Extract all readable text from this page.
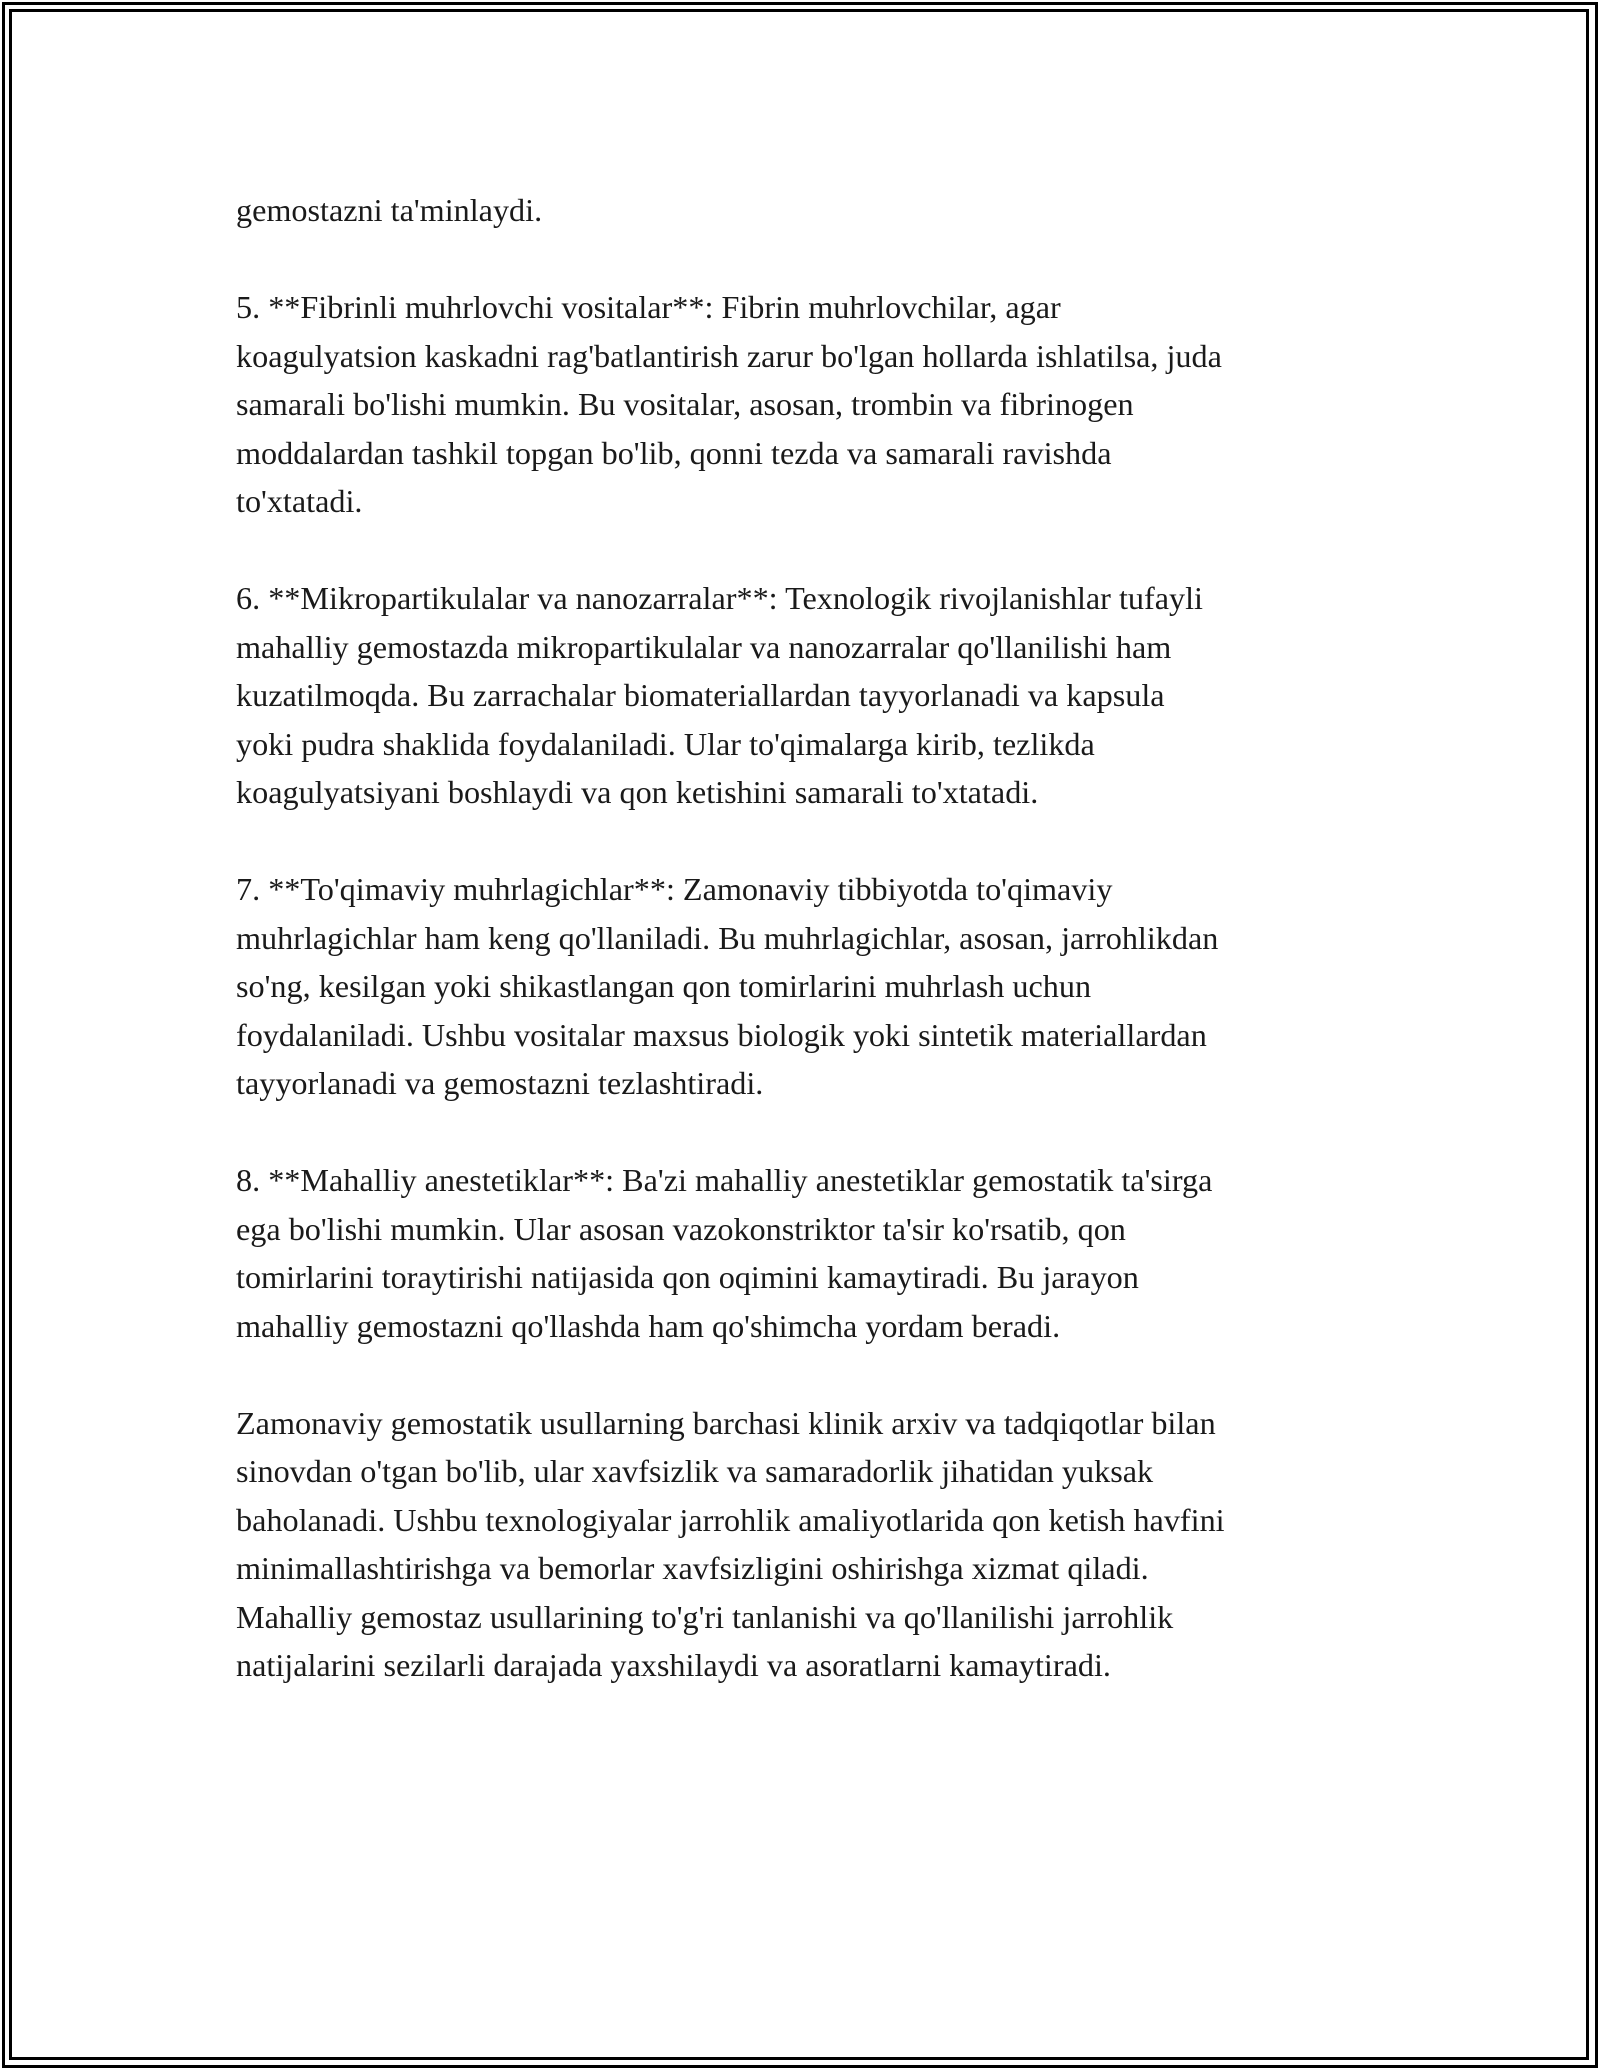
gemostazni ta'minlaydi.

5. **Fibrinli muhrlovchi vositalar**: Fibrin muhrlovchilar, agar
koagulyatsion kaskadni rag'batlantirish zarur bo'lgan hollarda ishlatilsa, juda
samarali bo'lishi mumkin. Bu vositalar, asosan, trombin va fibrinogen
moddalardan tashkil topgan bo'lib, qonni tezda va samarali ravishda
to'xtatadi.

6. **Mikropartikulalar va nanozarralar**: Texnologik rivojlanishlar tufayli
mahalliy gemostazda mikropartikulalar va nanozarralar qo'llanilishi ham
kuzatilmoqda. Bu zarrachalar biomateriallardan tayyorlanadi va kapsula
yoki pudra shaklida foydalaniladi. Ular to'qimalarga kirib, tezlikda
koagulyatsiyani boshlaydi va qon ketishini samarali to'xtatadi.

7. **To'qimaviy muhrlagichlar**: Zamonaviy tibbiyotda to'qimaviy
muhrlagichlar ham keng qo'llaniladi. Bu muhrlagichlar, asosan, jarrohlikdan
so'ng, kesilgan yoki shikastlangan qon tomirlarini muhrlash uchun
foydalaniladi. Ushbu vositalar maxsus biologik yoki sintetik materiallardan
tayyorlanadi va gemostazni tezlashtiradi.

8. **Mahalliy anestetiklar**: Ba'zi mahalliy anestetiklar gemostatik ta'sirga
ega bo'lishi mumkin. Ular asosan vazokonstriktor ta'sir ko'rsatib, qon
tomirlarini toraytirishi natijasida qon oqimini kamaytiradi. Bu jarayon
mahalliy gemostazni qo'llashda ham qo'shimcha yordam beradi.

Zamonaviy gemostatik usullarning barchasi klinik arxiv va tadqiqotlar bilan
sinovdan o'tgan bo'lib, ular xavfsizlik va samaradorlik jihatidan yuksak
baholanadi. Ushbu texnologiyalar jarrohlik amaliyotlarida qon ketish havfini
minimallashtirishga va bemorlar xavfsizligini oshirishga xizmat qiladi.
Mahalliy gemostaz usullarining to'g'ri tanlanishi va qo'llanilishi jarrohlik
natijalarini sezilarli darajada yaxshilaydi va asoratlarni kamaytiradi.
